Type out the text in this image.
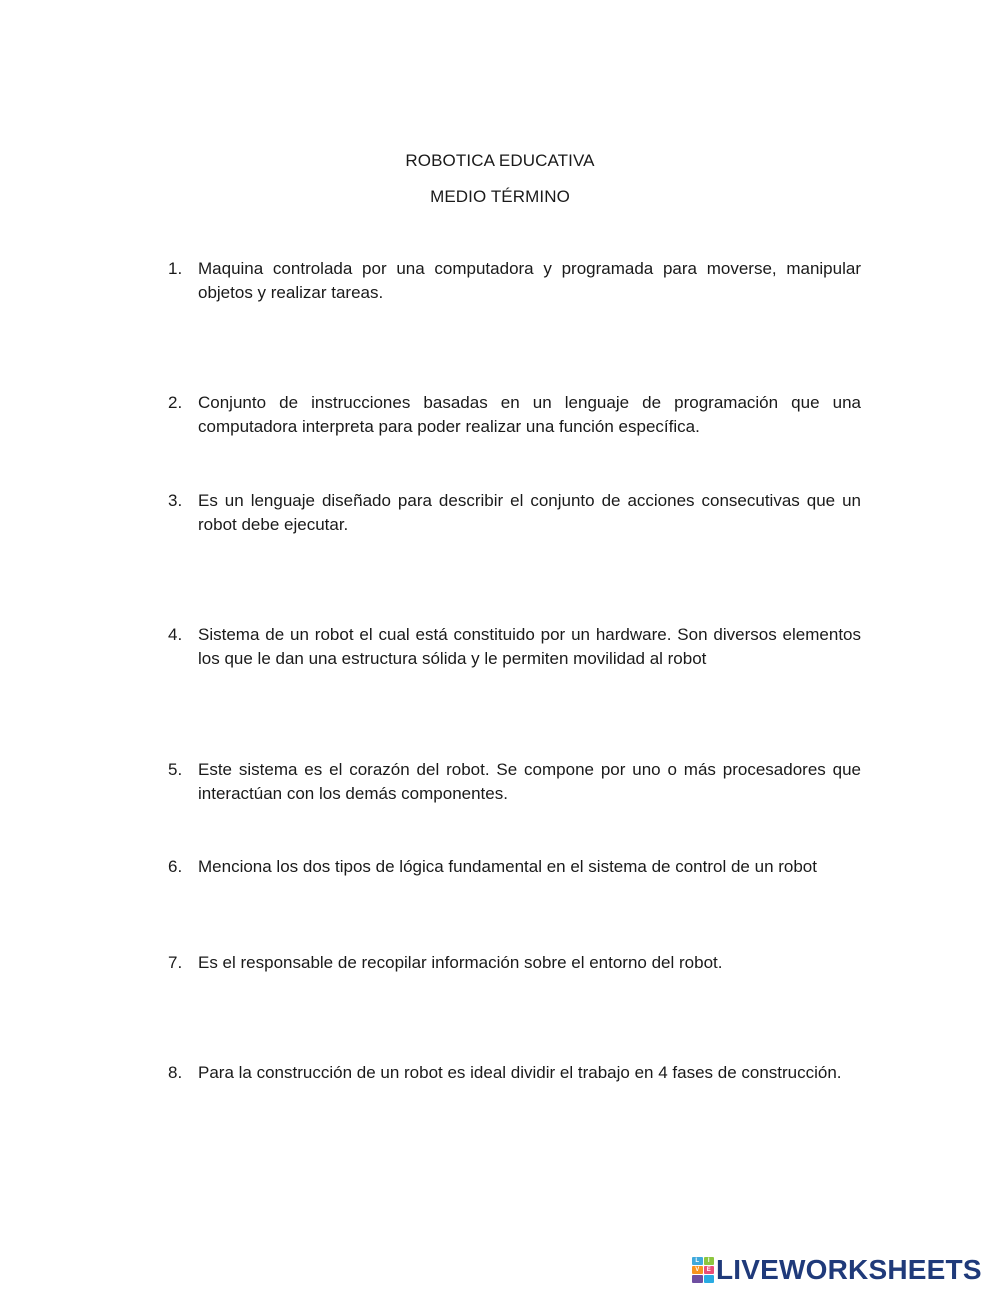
ROBOTICA EDUCATIVA
MEDIO TÉRMINO
1. Maquina controlada por una computadora y programada para moverse, manipular objetos y realizar tareas.
2. Conjunto de instrucciones basadas en un lenguaje de programación que una computadora interpreta para poder realizar una función específica.
3. Es un lenguaje diseñado para describir el conjunto de acciones consecutivas que un robot debe ejecutar.
4. Sistema de un robot el cual está constituido por un hardware. Son diversos elementos los que le dan una estructura sólida y le permiten movilidad al robot
5. Este sistema es el corazón del robot. Se compone por uno o más procesadores que interactúan con los demás componentes.
6. Menciona los dos tipos de lógica fundamental en el sistema de control de un robot
7. Es el responsable de recopilar información sobre el entorno del robot.
8. Para la construcción de un robot es ideal dividir el trabajo en 4 fases de construcción.
L	I
V	E LIVEWORKSHEETS
